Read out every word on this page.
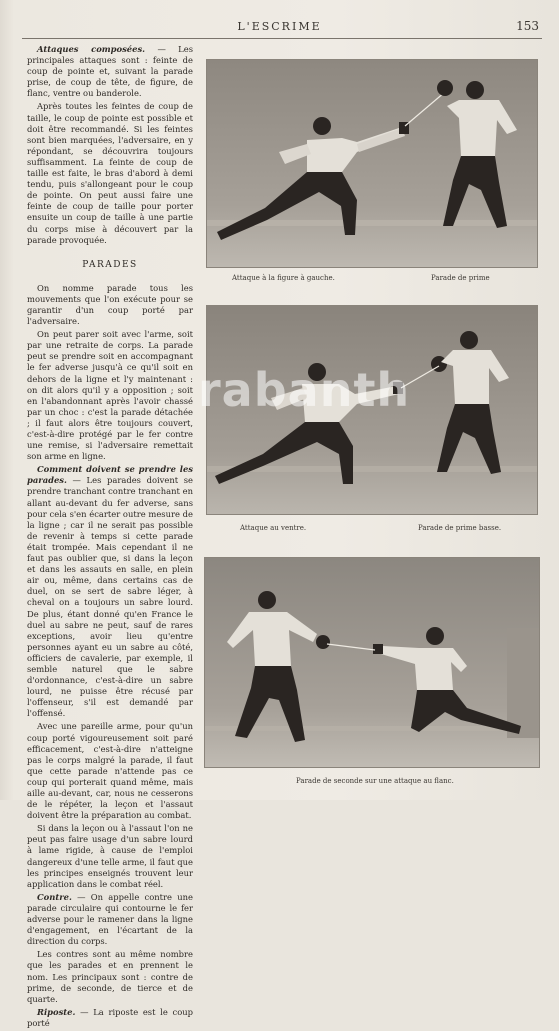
L'ESCRIME	153

Attaques composées. — Les principales attaques sont : feinte de coup de pointe et, suivant la parade prise, de coup de tête, de figure, de flanc, ventre ou banderole.

Après toutes les feintes de coup de taille, le coup de pointe est possible et doit être recommandé. Si les feintes sont bien marquées, l'adversaire, en y répondant, se découvrira toujours suffisamment. La feinte de coup de taille est faite, le bras d'abord à demi tendu, puis s'allongeant pour le coup de pointe. On peut aussi faire une feinte de coup de taille pour porter ensuite un coup de taille à une partie du corps mise à découvert par la parade provoquée.

PARADES

On nomme parade tous les mouvements que l'on exécute pour se garantir d'un coup porté par l'adversaire.

On peut parer soit avec l'arme, soit par une retraite de corps. La parade peut se prendre soit en accompagnant le fer adverse jusqu'à ce qu'il soit en dehors de la ligne et l'y maintenant : on dit alors qu'il y a opposition ; soit en l'abandonnant après l'avoir chassé par un choc : c'est la parade détachée ; il faut alors être toujours couvert, c'est-à-dire protégé par le fer contre une remise, si l'adversaire remettait son arme en ligne.

Comment doivent se prendre les parades. — Les parades doivent se prendre tranchant contre tranchant en allant au-devant du fer adverse, sans pour cela s'en écarter outre mesure de la ligne ; car il ne serait pas possible de revenir à temps si cette parade était trompée. Mais cependant il ne faut pas oublier que, si dans la leçon et dans les assauts en salle, en plein air ou, même, dans certains cas de duel, on se sert de sabre léger, à cheval on a toujours un sabre lourd. De plus, étant donné qu'en France le duel au sabre ne peut, sauf de rares exceptions, avoir lieu qu'entre personnes ayant eu un sabre au côté, officiers de cavalerie, par exemple, il semble naturel que le sabre d'ordonnance, c'est-à-dire un sabre lourd, ne puisse être récusé par l'offenseur, s'il est demandé par l'offensé.

Avec une pareille arme, pour qu'un coup porté vigoureusement soit paré efficacement, c'est-à-dire n'atteigne pas le corps malgré la parade, il faut que cette parade n'attende pas ce coup qui porterait quand même, mais aille au-devant, car, nous ne cesserons de le répéter, la leçon et l'assaut doivent être la préparation au combat.

Si dans la leçon ou à l'assaut l'on ne peut pas faire usage d'un sabre lourd à lame rigide, à cause de l'emploi dangereux d'une telle arme, il faut que les principes enseignés trouvent leur application dans le combat réel.

Contre. — On appelle contre une parade circulaire qui contourne le fer adverse pour le ramener dans la ligne d'engagement, en l'écartant de la direction du corps.

Les contres sont au même nombre que les parades et en prennent le nom. Les principaux sont : contre de prime, de seconde, de tierce et de quarte.

Riposte. — La riposte est le coup porté

Attaque à la figure à gauche.	Parade de prime
rabanth
Attaque au ventre.	Parade de prime basse.
Parade de seconde sur une attaque au flanc.
